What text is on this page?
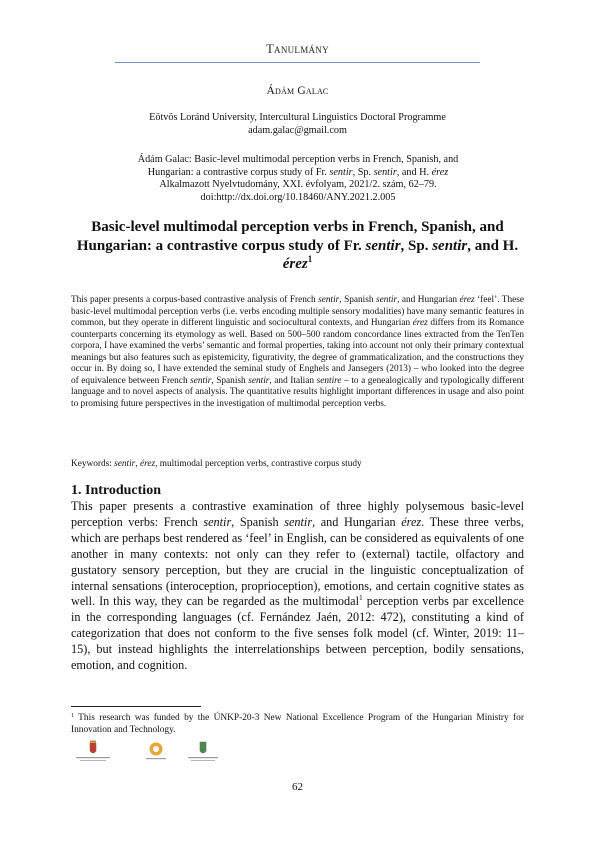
Tanulmány
Ádám Galac
Eötvös Loránd University, Intercultural Linguistics Doctoral Programme
adam.galac@gmail.com
Ádám Galac: Basic-level multimodal perception verbs in French, Spanish, and Hungarian: a contrastive corpus study of Fr. sentir, Sp. sentir, and H. érez
Alkalmazott Nyelvtudomány, XXI. évfolyam, 2021/2. szám, 62–79.
doi:http://dx.doi.org/10.18460/ANY.2021.2.005
Basic-level multimodal perception verbs in French, Spanish, and Hungarian: a contrastive corpus study of Fr. sentir, Sp. sentir, and H. érez$^1$

This paper presents a corpus-based contrastive analysis of French sentir, Spanish sentir, and Hungarian érez ‘feel’. These basic-level multimodal perception verbs (i.e. verbs encoding multiple sensory modalities) have many semantic features in common, but they operate in different linguistic and sociocultural contexts, and Hungarian érez differs from its Romance counterparts concerning its etymology as well. Based on 500–500 random concordance lines extracted from the TenTen corpora, I have examined the verbs’ semantic and formal properties, taking into account not only their primary contextual meanings but also features such as epistemicity, figurativity, the degree of grammaticalization, and the constructions they occur in. By doing so, I have extended the seminal study of Enghels and Jansegers (2013) – who looked into the degree of equivalence between French sentir, Spanish sentir, and Italian sentire – to a genealogically and typologically different language and to novel aspects of analysis. The quantitative results highlight important differences in usage and also point to promising future perspectives in the investigation of multimodal perception verbs.

Keywords: sentir, érez, multimodal perception verbs, contrastive corpus study

1. Introduction

This paper presents a contrastive examination of three highly polysemous basic-level perception verbs: French sentir, Spanish sentir, and Hungarian érez. These three verbs, which are perhaps best rendered as ‘feel’ in English, can be considered as equivalents of one another in many contexts: not only can they refer to (external) tactile, olfactory and gustatory sensory perception, but they are crucial in the linguistic conceptualization of internal sensations (interoception, proprioception), emotions, and certain cognitive states as well. In this way, they can be regarded as the multimodal$^1$ perception verbs par excellence in the corresponding languages (cf. Fernández Jaén, 2012: 472), constituting a kind of categorization that does not conform to the five senses folk model (cf. Winter, 2019: 11–15), but instead highlights the interrelationships between perception, bodily sensations, emotion, and cognition.

$^1$ This research was funded by the ÚNKP-20-3 New National Excellence Program of the Hungarian Ministry for Innovation and Technology.

62
